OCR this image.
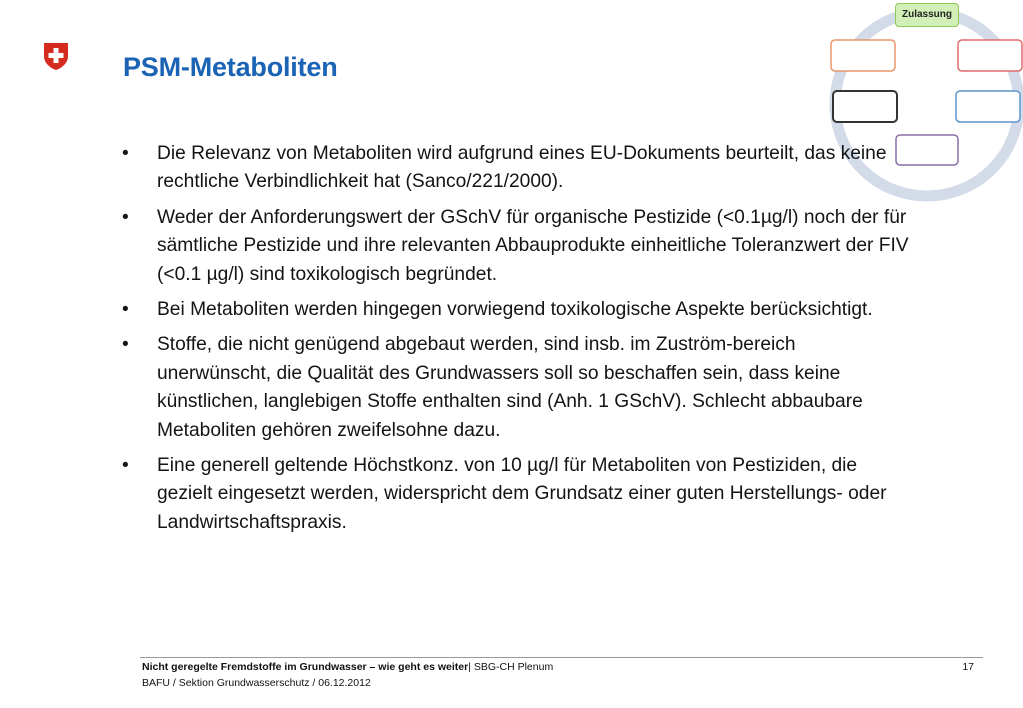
PSM-Metaboliten
Zulassung
• Die Relevanz von Metaboliten wird aufgrund eines EU-Dokuments beurteilt, das keine rechtliche Verbindlichkeit hat (Sanco/221/2000).
• Weder der Anforderungswert der GSchV für organische Pestizide (<0.1µg/l) noch der für sämtliche Pestizide und ihre relevanten Abbauprodukte einheitliche Toleranzwert der FIV (<0.1 µg/l) sind toxikologisch begründet.
• Bei Metaboliten werden hingegen vorwiegend toxikologische Aspekte berücksichtigt.
• Stoffe, die nicht genügend abgebaut werden, sind insb. im Zuström-bereich unerwünscht, die Qualität des Grundwassers soll so beschaffen sein, dass keine künstlichen, langlebigen Stoffe enthalten sind (Anh. 1 GSchV). Schlecht abbaubare Metaboliten gehören zweifelsohne dazu.
• Eine generell geltende Höchstkonz. von 10 µg/l für Metaboliten von Pestiziden, die gezielt eingesetzt werden, widerspricht dem Grundsatz einer guten Herstellungs- oder Landwirtschaftspraxis.
Nicht geregelte Fremdstoffe im Grundwasser – wie geht es weiter| SBG-CH Plenum
BAFU / Sektion Grundwasserschutz / 06.12.2012
17
